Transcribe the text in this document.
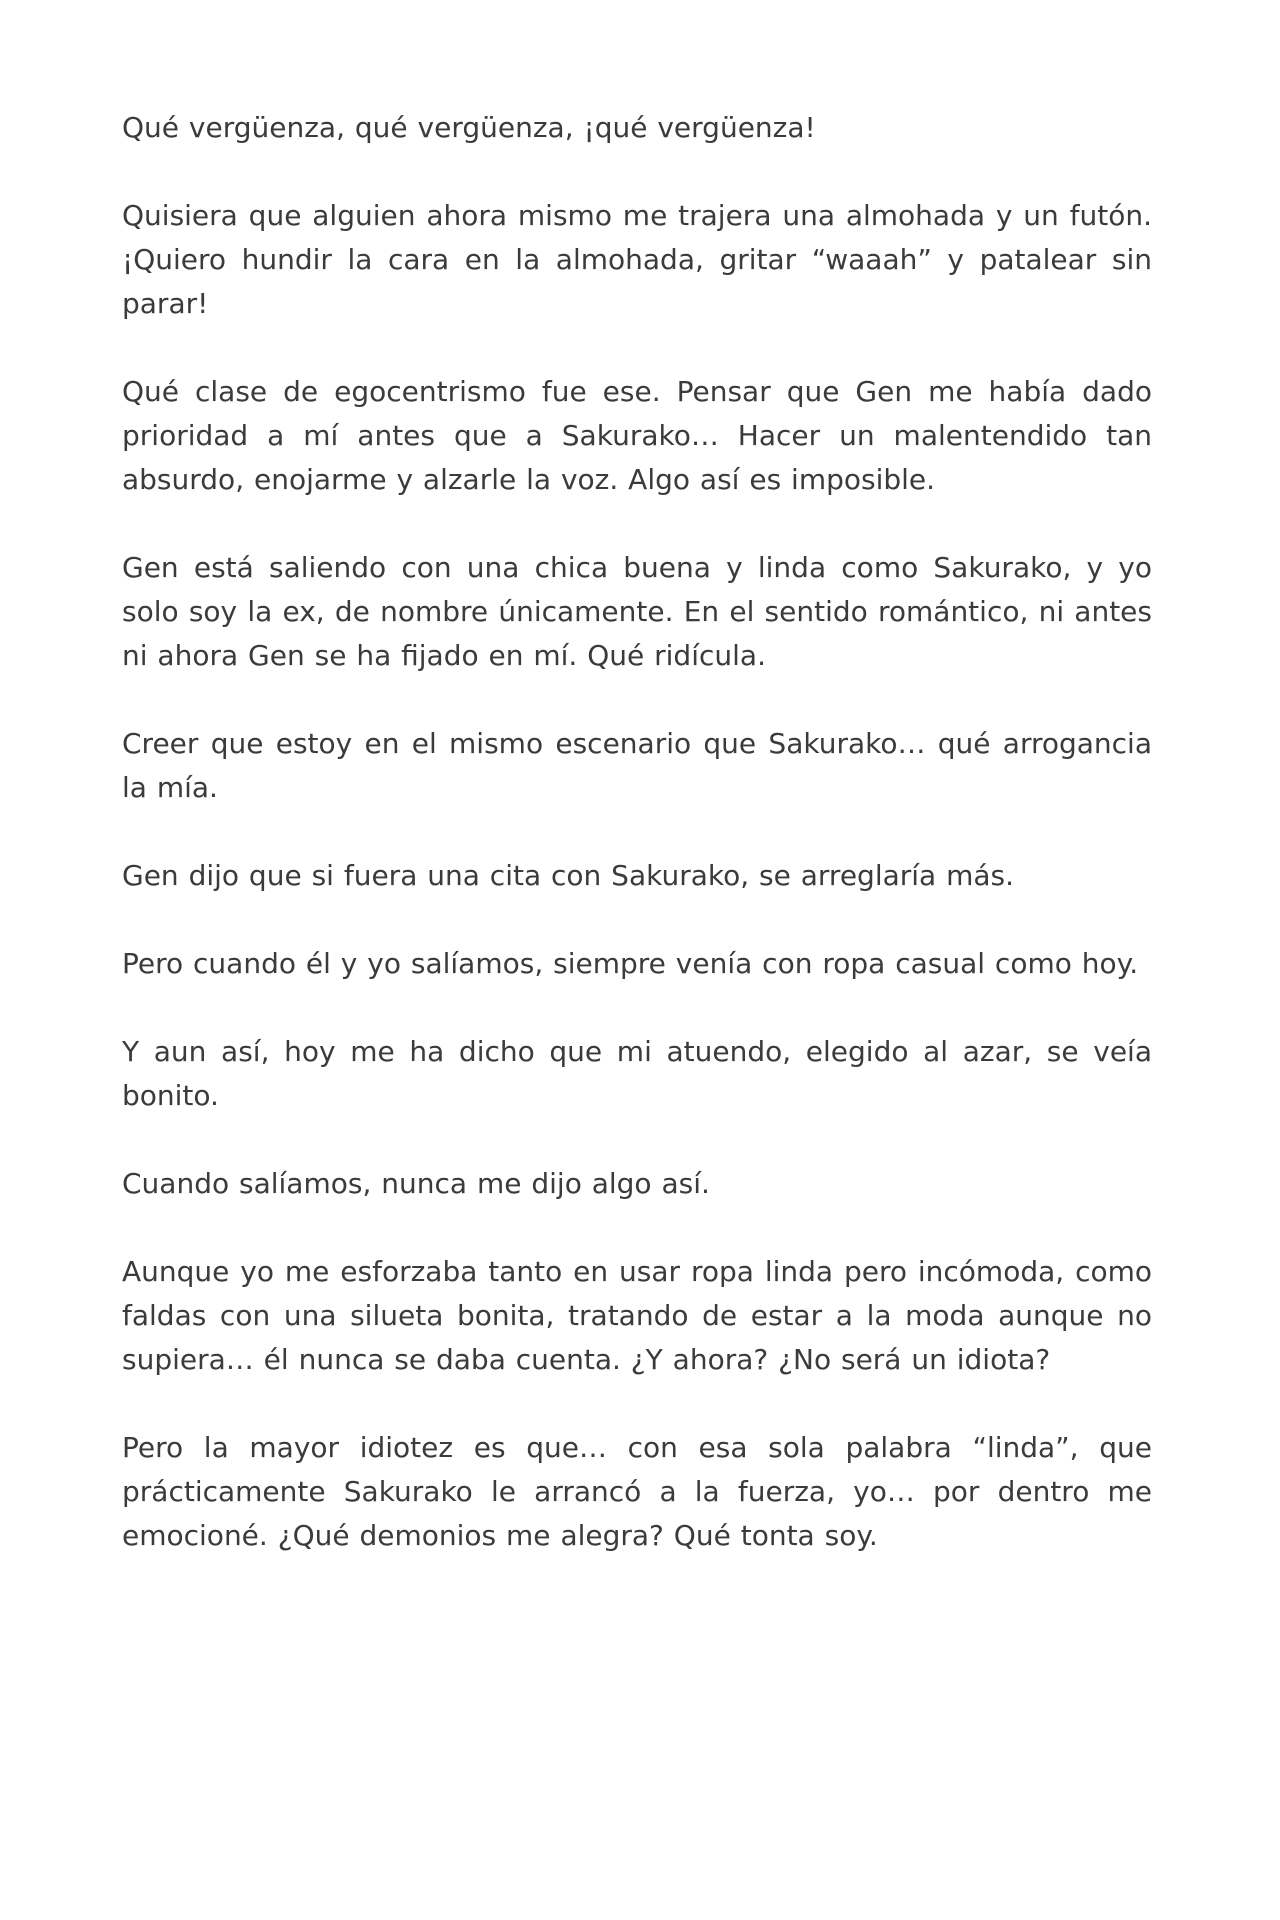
Qué vergüenza, qué vergüenza, ¡qué vergüenza!

Quisiera que alguien ahora mismo me trajera una almohada y un futón. ¡Quiero hundir la cara en la almohada, gritar “waaah” y patalear sin parar!

Qué clase de egocentrismo fue ese. Pensar que Gen me había dado prioridad a mí antes que a Sakurako… Hacer un malentendido tan absurdo, enojarme y alzarle la voz. Algo así es imposible.

Gen está saliendo con una chica buena y linda como Sakurako, y yo solo soy la ex, de nombre únicamente. En el sentido romántico, ni antes ni ahora Gen se ha fijado en mí. Qué ridícula.

Creer que estoy en el mismo escenario que Sakurako… qué arrogancia la mía.

Gen dijo que si fuera una cita con Sakurako, se arreglaría más.

Pero cuando él y yo salíamos, siempre venía con ropa casual como hoy.

Y aun así, hoy me ha dicho que mi atuendo, elegido al azar, se veía bonito.

Cuando salíamos, nunca me dijo algo así.

Aunque yo me esforzaba tanto en usar ropa linda pero incómoda, como faldas con una silueta bonita, tratando de estar a la moda aunque no supiera… él nunca se daba cuenta. ¿Y ahora? ¿No será un idiota?

Pero la mayor idiotez es que… con esa sola palabra “linda”, que prácticamente Sakurako le arrancó a la fuerza, yo… por dentro me emocioné. ¿Qué demonios me alegra? Qué tonta soy.
